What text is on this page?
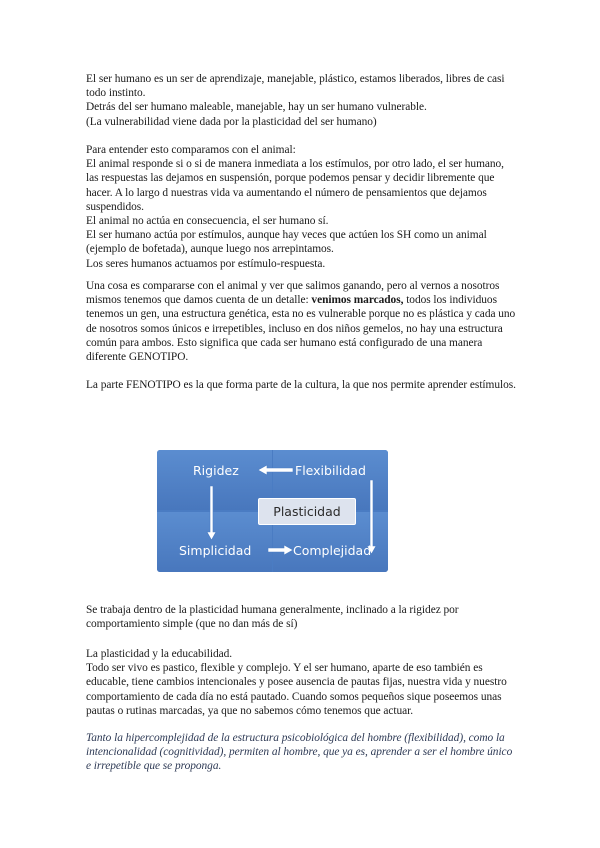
El ser humano es un ser de aprendizaje, manejable, plástico, estamos liberados, libres de casi todo instinto.

Detrás del ser humano maleable, manejable, hay un ser humano vulnerable.

(La vulnerabilidad viene dada por la plasticidad del ser humano)

Para entender esto comparamos con el animal:

El animal responde si o si de manera inmediata a los estímulos, por otro lado, el ser humano, las respuestas las dejamos en suspensión, porque podemos pensar y decidir libremente que hacer. A lo largo d nuestras vida va aumentando el número de pensamientos que dejamos suspendidos.

El animal no actúa en consecuencia, el ser humano sí.

El ser humano actúa por estímulos, aunque hay veces que actúen los SH como un animal (ejemplo de bofetada), aunque luego nos arrepintamos.

Los seres humanos actuamos por estímulo-respuesta.

Una cosa es compararse con el animal y ver que salimos ganando, pero al vernos a nosotros mismos tenemos que damos cuenta de un detalle: venimos marcados, todos los individuos tenemos un gen, una estructura genética, esta no es vulnerable porque no es plástica y cada uno de nosotros somos únicos e irrepetibles, incluso en dos niños gemelos, no hay una estructura común para ambos. Esto significa que cada ser humano está configurado de una manera diferente GENOTIPO.

La parte FENOTIPO es la que forma parte de la cultura, la que nos permite aprender estímulos.

Rigidez	Flexibilidad
Simplicidad	Complejidad
Plasticidad

Se trabaja dentro de la plasticidad humana generalmente, inclinado a la rigidez por comportamiento simple (que no dan más de sí)

La plasticidad y la educabilidad.

Todo ser vivo es pastico, flexible y complejo. Y el ser humano, aparte de eso también es educable, tiene cambios intencionales y posee ausencia de pautas fijas, nuestra vida y nuestro comportamiento de cada día no está pautado. Cuando somos pequeños sique poseemos unas pautas o rutinas marcadas, ya que no sabemos cómo tenemos que actuar.

Tanto la hipercomplejidad de la estructura psicobiológica del hombre (flexibilidad), como la intencionalidad (cognitividad), permiten al hombre, que ya es, aprender a ser el hombre único e irrepetible que se proponga.
